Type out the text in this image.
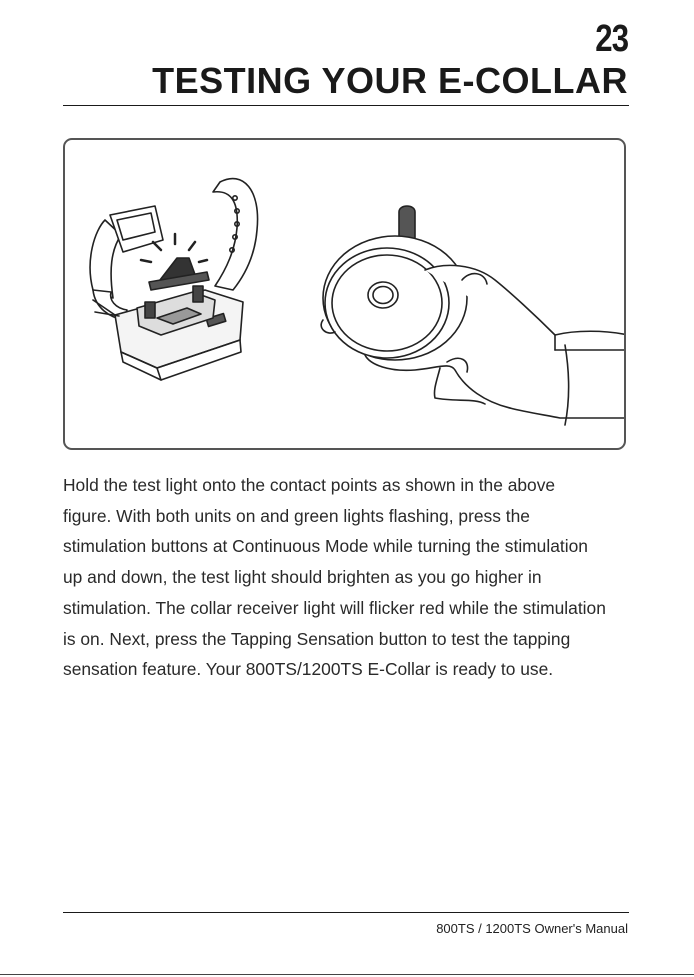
23
TESTING YOUR E-COLLAR
Hold the test light onto the contact points as shown in the above
figure. With both units on and green lights flashing, press the
stimulation buttons at Continuous Mode while turning the stimulation
up and down, the test light should brighten as you go higher in
stimulation. The collar receiver light will flicker red while the stimulation
is on. Next, press the Tapping Sensation button to test the tapping
sensation feature. Your 800TS/1200TS E-Collar is ready to use.
800TS / 1200TS Owner's Manual
